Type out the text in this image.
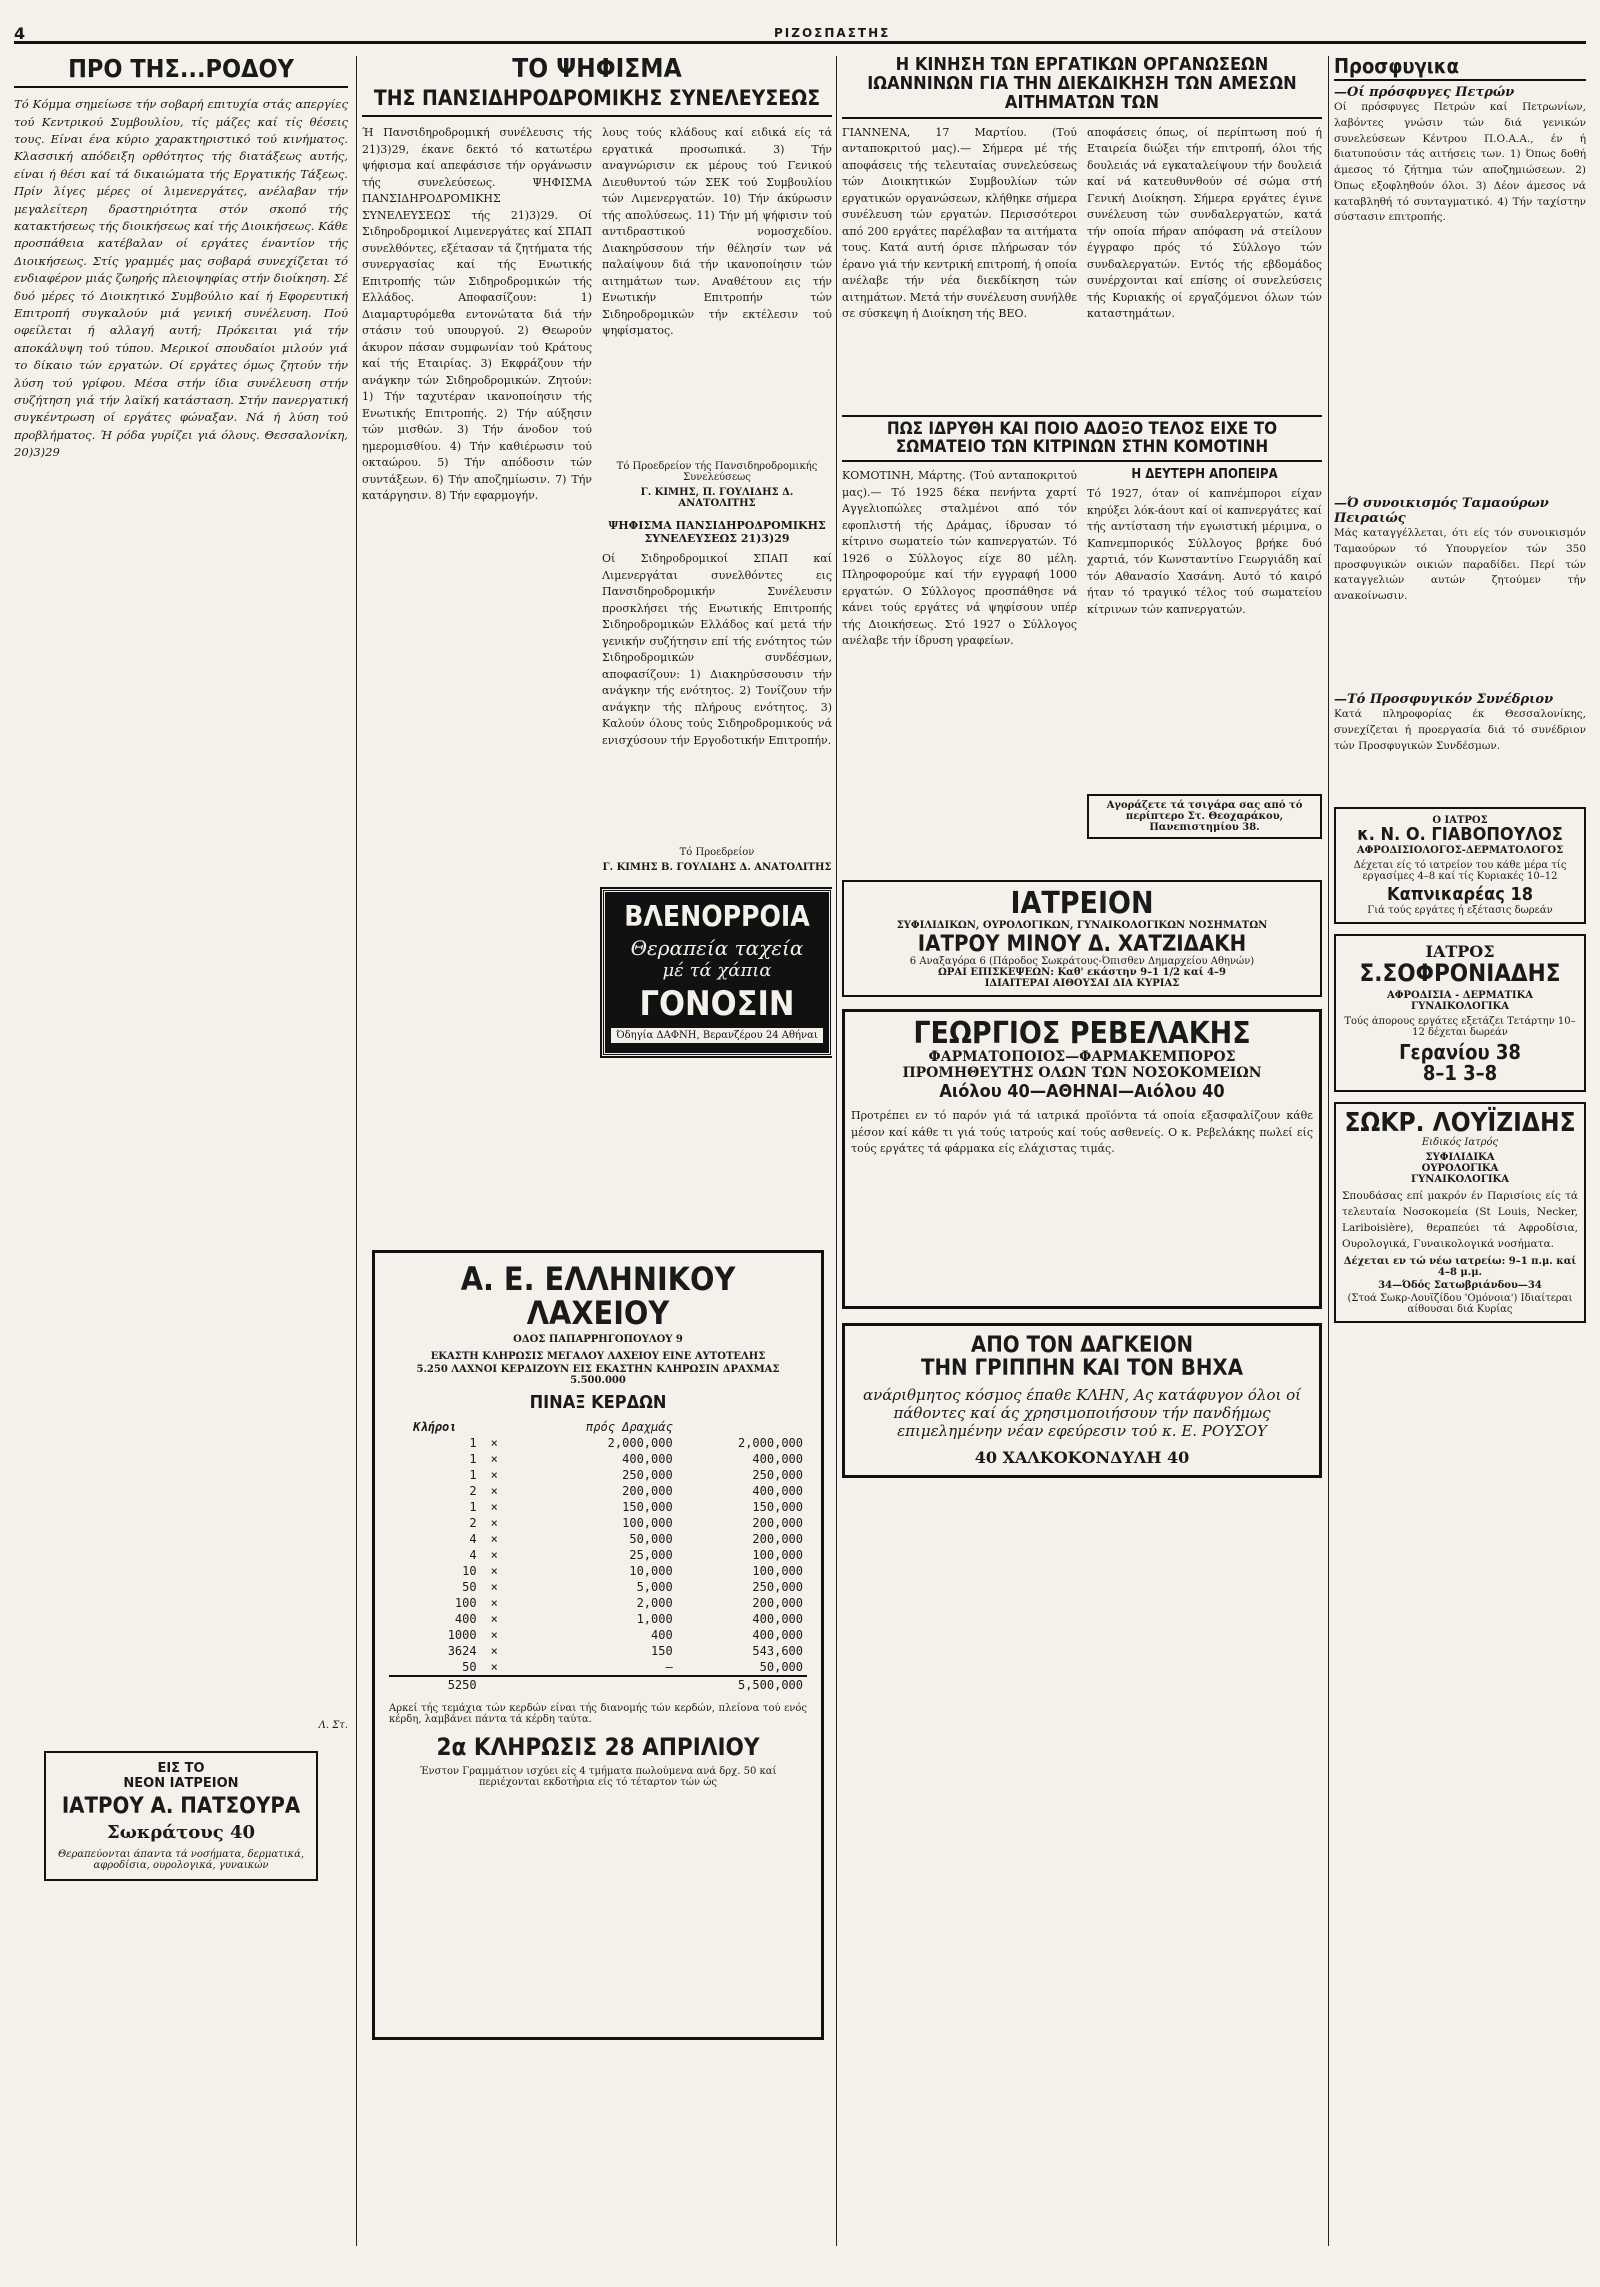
4	ΡΙΖΟΣΠΑΣΤΗΣ
ΠΡΟ ΤΗΣ...ΡΟΔΟΥ

Τό Κόμμα σημείωσε τήν σοβαρή επιτυχία στάς απεργίες τού Κεντρικού Συμβουλίου, τίς μάζες καί τίς θέσεις τους. Είναι ένα κύριο χαρακτηριστικό τού κινήματος. Κλασσική απόδειξη ορθότητος τής διατάξεως αυτής, είναι ή θέσι καί τά δικαιώματα τής Εργατικής Τάξεως. Πρίν λίγες μέρες οί λιμενεργάτες, ανέλαβαν τήν μεγαλείτερη δραστηριότητα στόν σκοπό τής κατακτήσεως τής διοικήσεως καί τής Διοικήσεως. Κάθε προσπάθεια κατέβαλαν οί εργάτες έναντίον τής Διοικήσεως. Στίς γραμμές μας σοβαρά συνεχίζεται τό ενδιαφέρον μιάς ζωηρής πλειοψηφίας στήν διοίκηση. Σέ δυό μέρες τό Διοικητικό Συμβούλιο καί ή Εφορευτική Επιτροπή συγκαλούν μιά γενική συνέλευση. Πού οφείλεται ή αλλαγή αυτή; Πρόκειται γιά τήν αποκάλυψη τού τύπου. Μερικοί σπουδαίοι μιλούν γιά το δίκαιο τών εργατών. Οί εργάτες όμως ζητούν τήν λύση τού γρίφου. Μέσα στήν ίδια συνέλευση στήν συζήτηση γιά τήν λαϊκή κατάσταση. Στήν πανεργατική συγκέντρωση οί εργάτες φώναξαν. Νά ή λύση τού προβλήματος. Ή ρόδα γυρίζει γιά όλους. Θεσσαλονίκη, 20)3)29

Λ. Στ.
ΕΙΣ ΤΟ
ΝΕΟΝ ΙΑΤΡΕΙΟΝ
ΙΑΤΡΟΥ Α. ΠΑΤΣΟΥΡΑ
Σωκράτους 40
Θεραπεύονται άπαντα τά νοσήματα, δερματικά, αφροδίσια, ουρολογικά, γυναικών
ΤΟ ΨΗΦΙΣΜΑ
ΤΗΣ ΠΑΝΣΙΔΗΡΟΔΡΟΜΙΚΗΣ ΣΥΝΕΛΕΥΣΕΩΣ

Ή Πανσιδηροδρομική συνέλευσις τής 21)3)29, έκανε δεκτό τό κατωτέρω ψήφισμα καί απεφάσισε τήν οργάνωσιν τής συνελεύσεως. ΨΗΦΙΣΜΑ ΠΑΝΣΙΔΗΡΟΔΡΟΜΙΚΗΣ ΣΥΝΕΛΕΥΣΕΩΣ τής 21)3)29. Οί Σιδηροδρομικοί Λιμενεργάτες καί ΣΠΑΠ συνελθόντες, εξέτασαν τά ζητήματα τής συνεργασίας καί τής Ενωτικής Επιτροπής τών Σιδηροδρομικών τής Ελλάδος. Αποφασίζουν: 1) Διαμαρτυρόμεθα εντονώτατα διά τήν στάσιν τού υπουργού. 2) Θεωρούν άκυρον πάσαν συμφωνίαν τού Κράτους καί τής Εταιρίας. 3) Εκφράζουν τήν ανάγκην τών Σιδηροδρομικών. Ζητούν: 1) Τήν ταχυτέραν ικανοποίησιν τής Ενωτικής Επιτροπής. 2) Τήν αύξησιν τών μισθών. 3) Τήν άνοδον τού ημερομισθίου. 4) Τήν καθιέρωσιν τού οκταώρου. 5) Τήν απόδοσιν τών συντάξεων. 6) Τήν αποζημίωσιν. 7) Τήν κατάργησιν. 8) Τήν εφαρμογήν.

λους τούς κλάδους καί ειδικά είς τά εργατικά προσωπικά. 3) Τήν αναγνώρισιν εκ μέρους τού Γενικού Διευθυντού τών ΣΕΚ τού Συμβουλίου τών Λιμενεργατών. 10) Τήν άκύρωσιν τής απολύσεως. 11) Τήν μή ψήφισιν τού αντιδραστικού νομοσχεδίου. Διακηρύσσουν τήν θέλησίν των νά παλαίψουν διά τήν ικανοποίησιν τών αιτημάτων των. Αναθέτουν εις τήν Ενωτικήν Επιτροπήν τών Σιδηροδρομικών τήν εκτέλεσιν τού ψηφίσματος.

Τό Προεδρείον τής Πανσιδηροδρομικής Συνελεύσεως
Γ. ΚΙΜΗΣ, Π. ΓΟΥΛΙΔΗΣ Δ. ΑΝΑΤΟΛΙΤΗΣ
ΨΗΦΙΣΜΑ ΠΑΝΣΙΔΗΡΟΔΡΟΜΙΚΗΣ ΣΥΝΕΛΕΥΣΕΩΣ 21)3)29

Οί Σιδηροδρομικοί ΣΠΑΠ καί Λιμενεργάται συνελθόντες εις Πανσιδηροδρομικήν Συνέλευσιν προσκλήσει τής Ενωτικής Επιτροπής Σιδηροδρομικών Ελλάδος καί μετά τήν γενικήν συζήτησιν επί τής ενότητος τών Σιδηροδρομικών συνδέσμων, αποφασίζουν: 1) Διακηρύσσουσιν τήν ανάγκην τής ενότητος. 2) Τονίζουν τήν ανάγκην τής πλήρους ενότητος. 3) Καλούν όλους τούς Σιδηροδρομικούς νά ενισχύσουν τήν Εργοδοτικήν Επιτροπήν.

Τό Προεδρείον
Γ. ΚΙΜΗΣ Β. ΓΟΥΛΙΔΗΣ Δ. ΑΝΑΤΟΛΙΤΗΣ
ΒΛΕΝΟΡΡΟΙΑ
Θεραπεία ταχεία
μέ τά χάπια
ΓΟΝΟΣΙΝ
Όδηγία ΔΑΦΝΗ, Βερανζέρου 24 Αθήναι
Α. Ε. ΕΛΛΗΝΙΚΟΥ ΛΑΧΕΙΟΥ
ΟΔΟΣ ΠΑΠΑΡΡΗΓΟΠΟΥΛΟΥ 9
ΕΚΑΣΤΗ ΚΛΗΡΩΣΙΣ ΜΕΓΑΛΟΥ ΛΑΧΕΙΟΥ ΕΙΝΕ ΑΥΤΟΤΕΛΗΣ
5.250 ΛΑΧΝΟΙ ΚΕΡΔΙΖΟΥΝ ΕΙΣ ΕΚΑΣΤΗΝ ΚΛΗΡΩΣΙΝ ΔΡΑΧΜΑΣ 5.500.000
ΠΙΝΑΞ ΚΕΡΔΩΝ
Κλήροι		πρός Δραχμάς	
1	×	2,000,000	2,000,000
1	×	400,000	400,000
1	×	250,000	250,000
2	×	200,000	400,000
1	×	150,000	150,000
2	×	100,000	200,000
4	×	50,000	200,000
4	×	25,000	100,000
10	×	10,000	100,000
50	×	5,000	250,000
100	×	2,000	200,000
400	×	1,000	400,000
1000	×	400	400,000
3624	×	150	543,600
50	×	—	50,000
5250			5,500,000
Αρκεί τής τεμάχια τών κερδών είναι τής διανομής τών κερδών, πλείονα τού ενός κέρδη, λαμβάνει πάντα τά κέρδη ταύτα.
2α ΚΛΗΡΩΣΙΣ 28 ΑΠΡΙΛΙΟΥ
Ένστον Γραμμάτιον ισχύει είς 4 τμήματα πωλούμενα ανά δρχ. 50 καί περιέχονται εκδοτήρια είς τό τέταρτον τών ώς
Η ΚΙΝΗΣΗ ΤΩΝ ΕΡΓΑΤΙΚΩΝ ΟΡΓΑΝΩΣΕΩΝ ΙΩΑΝΝΙΝΩΝ ΓΙΑ ΤΗΝ ΔΙΕΚΔΙΚΗΣΗ ΤΩΝ ΑΜΕΣΩΝ ΑΙΤΗΜΑΤΩΝ ΤΩΝ

ΓΙΑΝΝΕΝΑ, 17 Μαρτίου. (Τού ανταποκριτού μας).— Σήμερα μέ τής αποφάσεις τής τελευταίας συνελεύσεως τών Διοικητικών Συμβουλίων τών εργατικών οργανώσεων, κλήθηκε σήμερα συνέλευση τών εργατών. Περισσότεροι από 200 εργάτες παρέλαβαν τα αιτήματα τους. Κατά αυτή όρισε πλήρωσαν τόν έρανο γιά τήν κεντρική επιτροπή, ή οποία ανέλαβε τήν νέα διεκδίκηση τών αιτημάτων. Μετά τήν συνέλευση συνήλθε σε σύσκεψη ή Διοίκηση τής ΒΕΟ.

αποφάσεις όπως, οί περίπτωση πού ή Εταιρεία διώξει τήν επιτροπή, όλοι τής δουλειάς νά εγκαταλείψουν τήν δουλειά καί νά κατευθυνθούν σέ σώμα στή Γενική Διοίκηση. Σήμερα εργάτες έγινε συνέλευση τών συνδαλεργατών, κατά τήν οποία πήραν απόφαση νά στείλουν έγγραφο πρός τό Σύλλογο τών συνδαλεργατών. Εντός τής εβδομάδος συνέρχονται καί επίσης οί συνελεύσεις τής Κυριακής οί εργαζόμενοι όλων τών καταστημάτων.

ΠΩΣ ΙΔΡΥΘΗ ΚΑΙ ΠΟΙΟ ΑΔΟΞΟ ΤΕΛΟΣ ΕΙΧΕ ΤΟ ΣΩΜΑΤΕΙΟ ΤΩΝ ΚΙΤΡΙΝΩΝ ΣΤΗΝ ΚΟΜΟΤΙΝΗ

ΚΟΜΟΤΙΝΗ, Μάρτης. (Τού ανταποκριτού μας).— Τό 1925 δέκα πενήντα χαρτί Αγγελιοπώλες σταλμένοι από τόν εφοπλιστή τής Δράμας, ίδρυσαν τό κίτρινο σωματείο τών καπνεργατών. Τό 1926 ο Σύλλογος είχε 80 μέλη. Πληροφορούμε καί τήν εγγραφή 1000 εργατών. Ο Σύλλογος προσπάθησε νά κάνει τούς εργάτες νά ψηφίσουν υπέρ τής Διοικήσεως. Στό 1927 ο Σύλλογος ανέλαβε τήν ίδρυση γραφείων.

Η ΔΕΥΤΕΡΗ ΑΠΟΠΕΙΡΑ

Τό 1927, όταν οί καπνέμποροι είχαν κηρύξει λόκ-άουτ καί οί καπνεργάτες καί τής αντίσταση τήν εγωιστική μέριμνα, ο Καπνεμπορικός Σύλλογος βρήκε δυό χαρτιά, τόν Κωνσταντίνο Γεωργιάδη καί τόν Αθανασίο Χασάνη. Αυτό τό καιρό ήταν τό τραγικό τέλος τού σωματείου κίτρινων τών καπνεργατών.

Αγοράζετε τά τσιγάρα σας από τό περίπτερο Στ. Θεοχαράκου, Πανεπιστημίου 38.
ΙΑΤΡΕΙΟΝ
ΣΥΦΙΛΙΔΙΚΩΝ, ΟΥΡΟΛΟΓΙΚΩΝ, ΓΥΝΑΙΚΟΛΟΓΙΚΩΝ ΝΟΣΗΜΑΤΩΝ
ΙΑΤΡΟΥ ΜΙΝΟΥ Δ. ΧΑΤΖΙΔΑΚΗ
6 Αναξαγόρα 6 (Πάροδος Σωκράτους-Όπισθεν Δημαρχείου Αθηνών)
ΩΡΑΙ ΕΠΙΣΚΕΨΕΩΝ: Καθ' εκάστην 9–1 1/2 καί 4–9
ΙΔΙΑΙΤΕΡΑΙ ΑΙΘΟΥΣΑΙ ΔΙΑ ΚΥΡΙΑΣ
ΓΕΩΡΓΙΟΣ ΡΕΒΕΛΑΚΗΣ
ΦΑΡΜΑΤΟΠΟΙΟΣ—ΦΑΡΜΑΚΕΜΠΟΡΟΣ
ΠΡΟΜΗΘΕΥΤΗΣ ΟΛΩΝ ΤΩΝ ΝΟΣΟΚΟΜΕΙΩΝ
Αιόλου 40—ΑΘΗΝΑΙ—Αιόλου 40

Προτρέπει εν τό παρόν γιά τά ιατρικά προϊόντα τά οποία εξασφαλίζουν κάθε μέσον καί κάθε τι γιά τούς ιατρούς καί τούς ασθενείς. Ο κ. Ρεβελάκης πωλεί είς τούς εργάτες τά φάρμακα είς ελάχιστας τιμάς.

ΑΠΟ ΤΟΝ ΔΑΓΚΕΙΟΝ
ΤΗΝ ΓΡΙΠΠΗΝ ΚΑΙ ΤΟΝ ΒΗΧΑ
ανάριθμητος κόσμος έπαθε ΚΛΗΝ, Ας κατάφυγον όλοι οί πάθοντες καί άς χρησιμοποιήσουν τήν πανδήμως επιμελημένην νέαν εφεύρεσιν τού κ. Ε. ΡΟΥΣΟΥ
40 ΧΑΛΚΟΚΟΝΔΥΛΗ 40
Προσφυγικα
—Οί πρόσφυγες Πετρών

Οί πρόσφυγες Πετρών καί Πετρωνίων, λαβόντες γνώσιν τών διά γενικών συνελεύσεων Κέντρου Π.Ο.Α.Α., έν ή διατυπούσιν τάς αιτήσεις των. 1) Όπως δοθή άμεσος τό ζήτημα τών αποζημιώσεων. 2) Όπως εξοφληθούν όλοι. 3) Δέον άμεσος νά καταβληθή τό συνταγματικό. 4) Τήν ταχίστην σύστασιν επιτροπής.

—Ό συνοικισμός Ταμαούρων Πειραιώς

Μάς καταγγέλλεται, ότι είς τόν συνοικισμόν Ταμαούρων τό Υπουργείον τών 350 προσφυγικών οικιών παραδίδει. Περί τών καταγγελιών αυτών ζητούμεν τήν ανακοίνωσιν.

—Τό Προσφυγικόν Συνέδριον

Κατά πληροφορίας έκ Θεσσαλονίκης, συνεχίζεται ή προεργασία διά τό συνέδριον τών Προσφυγικών Συνδέσμων.

Ο ΙΑΤΡΟΣ
κ. Ν. Ο. ΓΙΑΒΟΠΟΥΛΟΣ
ΑΦΡΟΔΙΣΙΟΛΟΓΟΣ-ΔΕΡΜΑΤΟΛΟΓΟΣ
Δέχεται είς τό ιατρείον του κάθε μέρα τίς εργασίμες 4–8 καί τίς Κυριακές 10–12
Καπνικαρέας 18
Γιά τούς εργάτες ή εξέτασις δωρεάν
ΙΑΤΡΟΣ
Σ.ΣΟΦΡΟΝΙΑΔΗΣ
ΑΦΡΟΔΙΣΙΑ - ΔΕΡΜΑΤΙΚΑ ΓΥΝΑΙΚΟΛΟΓΙΚΑ
Τούς άπορους εργάτες εξετάζει Τετάρτην 10–12 δέχεται δωρεάν
Γερανίου 38
8–1 3–8
ΣΩΚΡ. ΛΟΥΪΖΙΔΗΣ
Ειδικός Ιατρός
ΣΥΦΙΛΙΔΙΚΑ
ΟΥΡΟΛΟΓΙΚΑ
ΓΥΝΑΙΚΟΛΟΓΙΚΑ

Σπουδάσας επί μακρόν έν Παρισίοις είς τά τελευταία Νοσοκομεία (St Louis, Necker, Lariboisière), θεραπεύει τά Αφροδίσια, Ουρολογικά, Γυναικολογικά νοσήματα.

Δέχεται εν τώ νέω ιατρείω: 9–1 π.μ. καί 4–8 μ.μ.
34—Όδός Σατωβριάνδου—34
(Στοά Σωκρ-Λουϊζίδου 'Ομόνοια') Ιδιαίτεραι αίθουσαι διά Κυρίας
